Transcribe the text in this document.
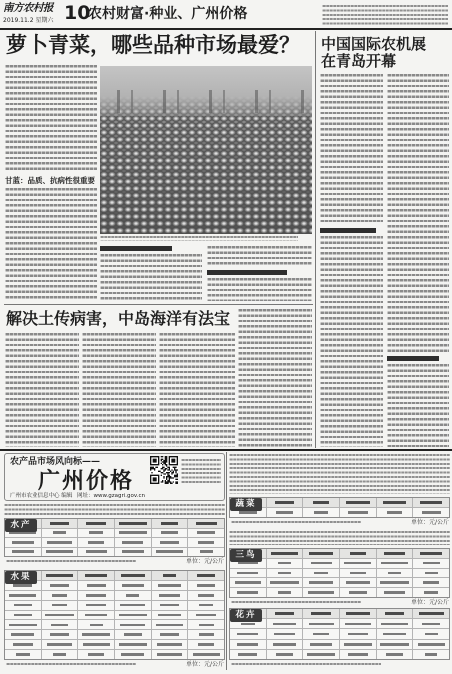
南方农村报
2019.11.2 星期六 10
农村财富·种业、广州价格
萝卜青菜，哪些品种市场最爱？
甘蓝：品质、抗病性很重要
解决土传病害，中岛海洋有法宝
中国国际农机展
在青岛开幕
农产品市场风向标——
广州价格
广州市农业信息中心 编辑 网址：www.gzagri.gov.cn
水产
单位：元/公斤
水果
单位：元/公斤
蔬菜
单位：元/公斤
三鸟
单位：元/公斤
花卉
